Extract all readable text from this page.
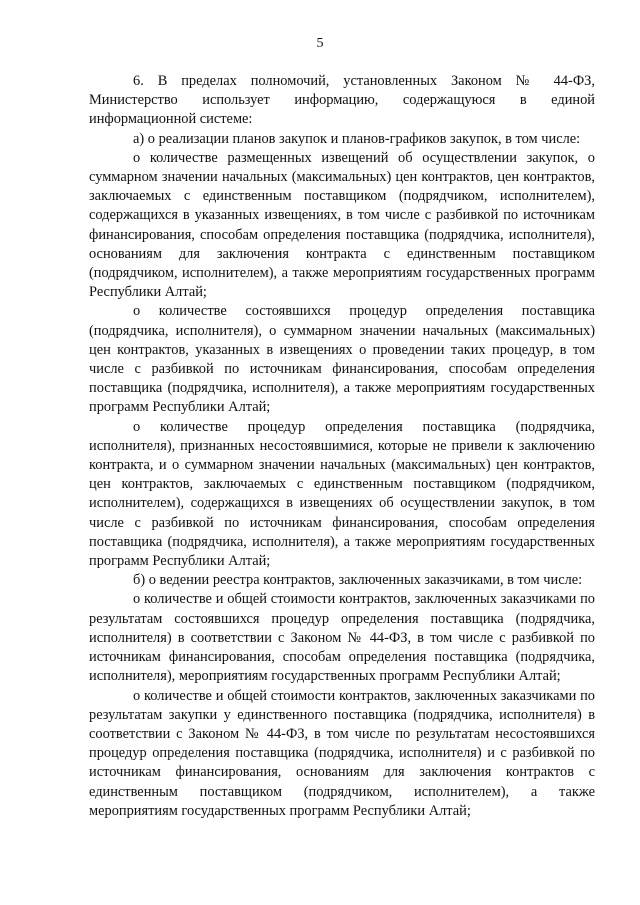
5

6. В пределах полномочий, установленных Законом № 44-ФЗ, Министерство использует информацию, содержащуюся в единой информационной системе:

а) о реализации планов закупок и планов-графиков закупок, в том числе:

о количестве размещенных извещений об осуществлении закупок, о суммарном значении начальных (максимальных) цен контрактов, цен контрактов, заключаемых с единственным поставщиком (подрядчиком, исполнителем), содержащихся в указанных извещениях, в том числе с разбивкой по источникам финансирования, способам определения поставщика (подрядчика, исполнителя), основаниям для заключения контракта с единственным поставщиком (подрядчиком, исполнителем), а также мероприятиям государственных программ Республики Алтай;

о количестве состоявшихся процедур определения поставщика (подрядчика, исполнителя), о суммарном значении начальных (максимальных) цен контрактов, указанных в извещениях о проведении таких процедур, в том числе с разбивкой по источникам финансирования, способам определения поставщика (подрядчика, исполнителя), а также мероприятиям государственных программ Республики Алтай;

о количестве процедур определения поставщика (подрядчика, исполнителя), признанных несостоявшимися, которые не привели к заключению контракта, и о суммарном значении начальных (максимальных) цен контрактов, цен контрактов, заключаемых с единственным поставщиком (подрядчиком, исполнителем), содержащихся в извещениях об осуществлении закупок, в том числе с разбивкой по источникам финансирования, способам определения поставщика (подрядчика, исполнителя), а также мероприятиям государственных программ Республики Алтай;

б) о ведении реестра контрактов, заключенных заказчиками, в том числе:

о количестве и общей стоимости контрактов, заключенных заказчиками по результатам состоявшихся процедур определения поставщика (подрядчика, исполнителя) в соответствии с Законом № 44-ФЗ, в том числе с разбивкой по источникам финансирования, способам определения поставщика (подрядчика, исполнителя), мероприятиям государственных программ Республики Алтай;

о количестве и общей стоимости контрактов, заключенных заказчиками по результатам закупки у единственного поставщика (подрядчика, исполнителя) в соответствии с Законом № 44-ФЗ, в том числе по результатам несостоявшихся процедур определения поставщика (подрядчика, исполнителя) и с разбивкой по источникам финансирования, основаниям для заключения контрактов с единственным поставщиком (подрядчиком, исполнителем), а также мероприятиям государственных программ Республики Алтай;
